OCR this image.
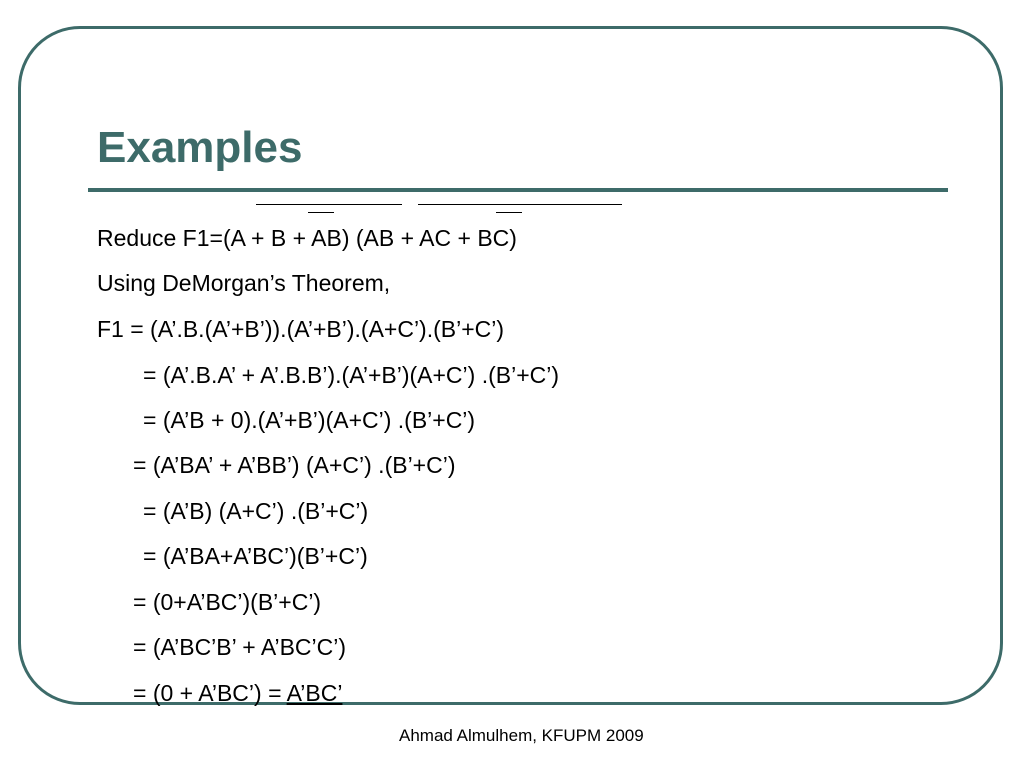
Examples
Reduce F1=(A + B + AB) (AB + AC + BC)
Using DeMorgan’s Theorem,
F1 = (A’.B.(A’+B’)).(A’+B’).(A+C’).(B’+C’)
= (A’.B.A’ + A’.B.B’).(A’+B’)(A+C’) .(B’+C’)
= (A’B + 0).(A’+B’)(A+C’) .(B’+C’)
= (A’BA’ + A’BB’) (A+C’) .(B’+C’)
= (A’B) (A+C’) .(B’+C’)
= (A’BA+A’BC’)(B’+C’)
= (0+A’BC’)(B’+C’)
= (A’BC’B’ + A’BC’C’)
= (0 + A’BC’) = A’BC’
Ahmad Almulhem, KFUPM 2009
